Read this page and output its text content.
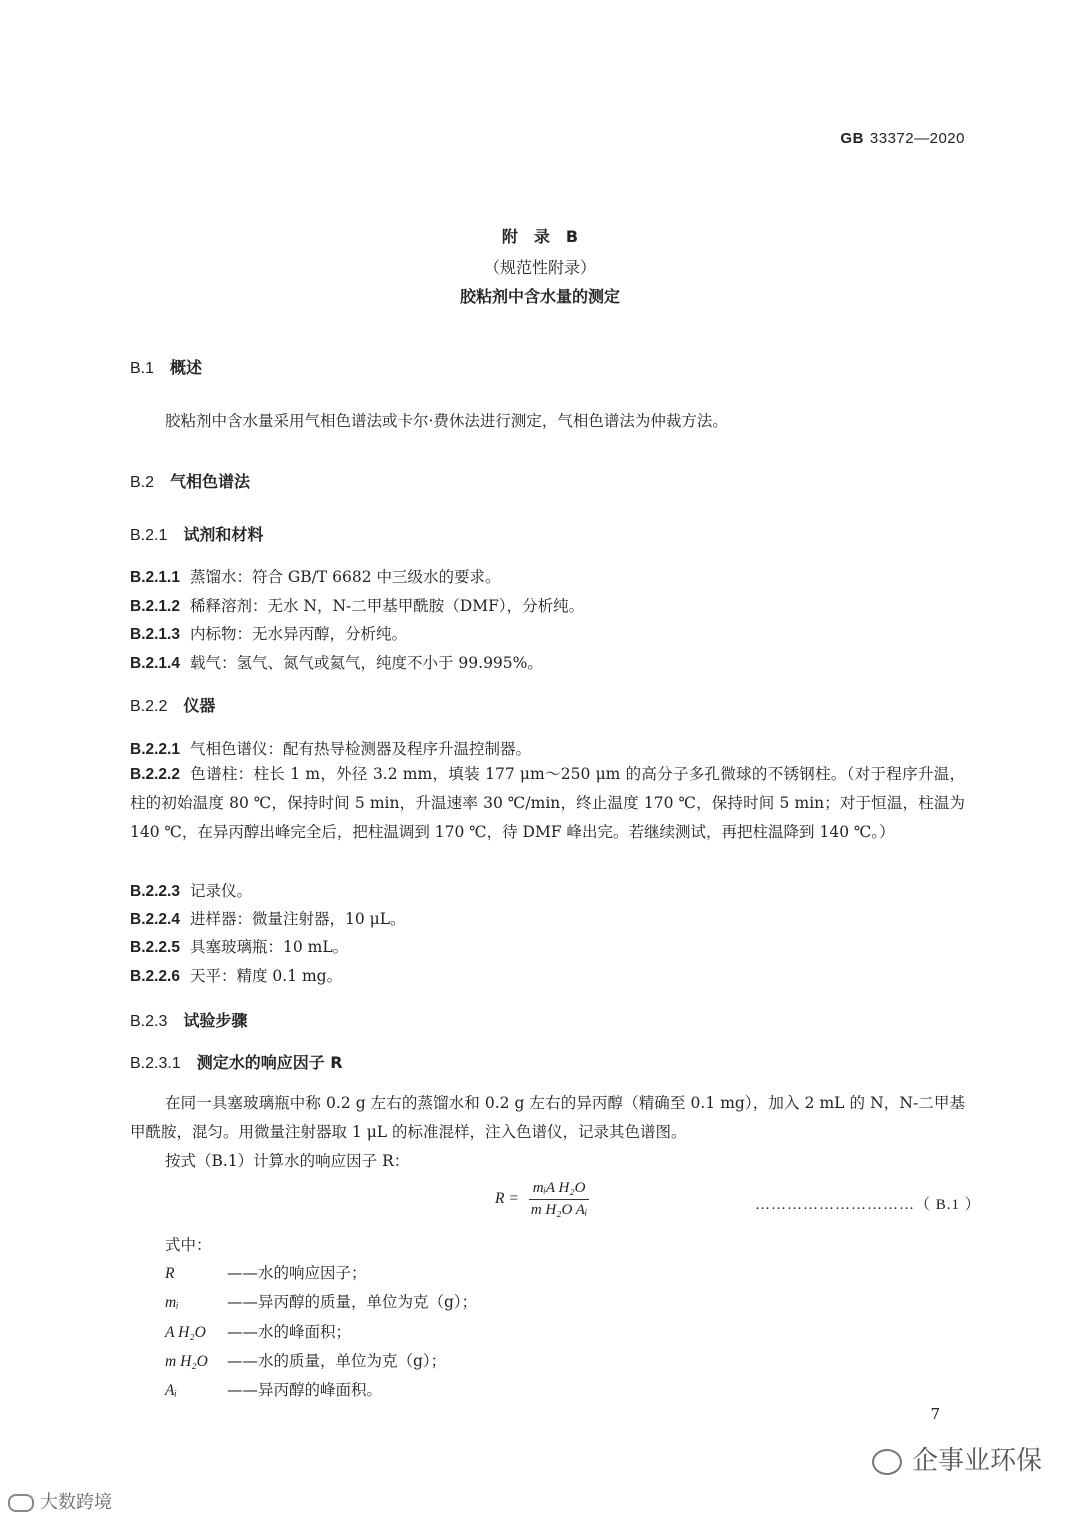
GB 33372—2020
附　录　B
（规范性附录）
胶粘剂中含水量的测定
B.1 概述
胶粘剂中含水量采用气相色谱法或卡尔·费休法进行测定，气相色谱法为仲裁方法。
B.2 气相色谱法
B.2.1 试剂和材料
B.2.1.1 蒸馏水：符合 GB/T 6682 中三级水的要求。
B.2.1.2 稀释溶剂：无水 N，N-二甲基甲酰胺（DMF），分析纯。
B.2.1.3 内标物：无水异丙醇，分析纯。
B.2.1.4 载气：氢气、氮气或氦气，纯度不小于 99.995%。
B.2.2 仪器
B.2.2.1 气相色谱仪：配有热导检测器及程序升温控制器。
B.2.2.2 色谱柱：柱长 1 m，外径 3.2 mm，填装 177 μm～250 μm 的高分子多孔微球的不锈钢柱。（对于程序升温，柱的初始温度 80 ℃，保持时间 5 min，升温速率 30 ℃/min，终止温度 170 ℃，保持时间 5 min；对于恒温，柱温为 140 ℃，在异丙醇出峰完全后，把柱温调到 170 ℃，待 DMF 峰出完。若继续测试，再把柱温降到 140 ℃。）
B.2.2.3 记录仪。
B.2.2.4 进样器：微量注射器，10 μL。
B.2.2.5 具塞玻璃瓶：10 mL。
B.2.2.6 天平：精度 0.1 mg。
B.2.3 试验步骤
B.2.3.1 测定水的响应因子 R
在同一具塞玻璃瓶中称 0.2 g 左右的蒸馏水和 0.2 g 左右的异丙醇（精确至 0.1 mg），加入 2 mL 的 N，N-二甲基甲酰胺，混匀。用微量注射器取 1 μL 的标准混样，注入色谱仪，记录其色谱图。
按式（B.1）计算水的响应因子 R：
$R = \frac{\text{mᵢA H₂O}}{\text{m H₂O Aᵢ}}$	…………………………（ B.1 ）
式中：
R	——水的响应因子；
mᵢ	——异丙醇的质量，单位为克（g）；
A H₂O ——水的峰面积；
m H₂O ——水的质量，单位为克（g）；
Aᵢ	——异丙醇的峰面积。
7
大数跨境
企事业环保
